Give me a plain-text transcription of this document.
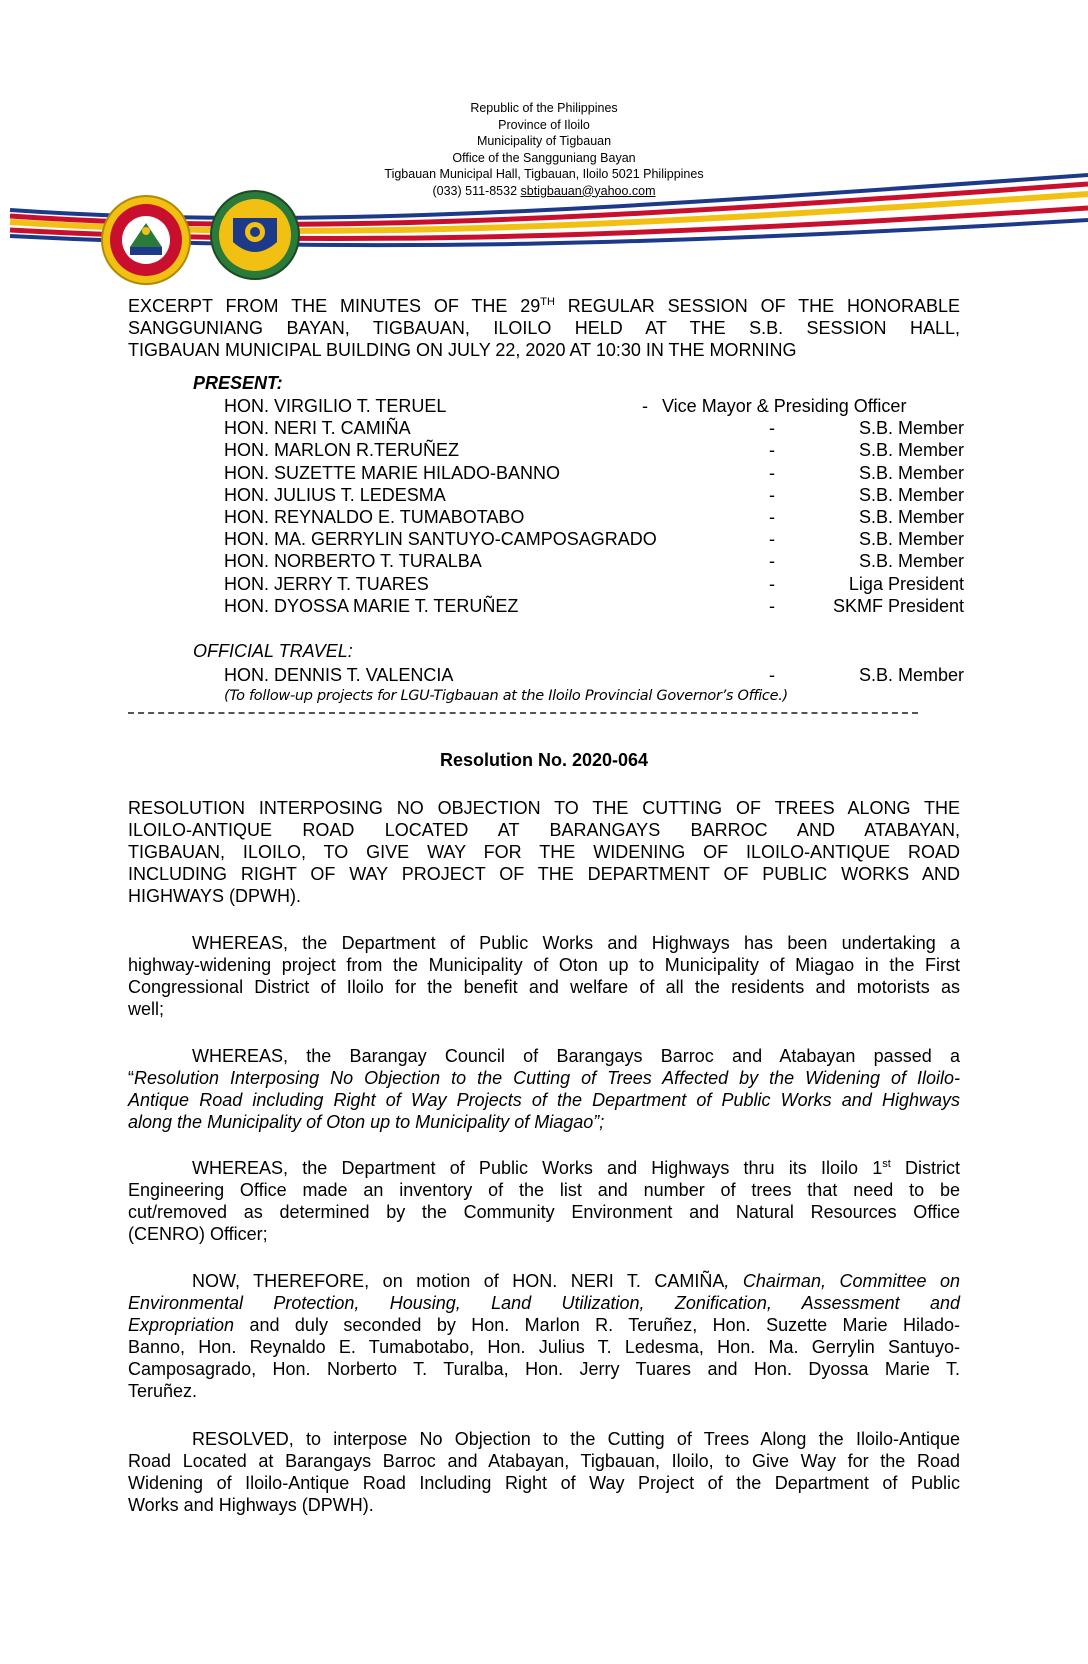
Republic of the Philippines
Province of Iloilo
Municipality of Tigbauan
Office of the Sangguniang Bayan
Tigbauan Municipal Hall, Tigbauan, Iloilo 5021 Philippines
(033) 511-8532 sbtigbauan@yahoo.com
EXCERPT FROM THE MINUTES OF THE 29TH REGULAR SESSION OF THE HONORABLE
SANGGUNIANG BAYAN, TIGBAUAN, ILOILO HELD AT THE S.B. SESSION HALL,
TIGBAUAN MUNICIPAL BUILDING ON JULY 22, 2020 AT 10:30 IN THE MORNING
PRESENT:
HON. VIRGILIO T. TERUEL	- Vice Mayor & Presiding Officer
HON. NERI T. CAMIÑA	-	S.B. Member
HON. MARLON R.TERUÑEZ	-	S.B. Member
HON. SUZETTE MARIE HILADO-BANNO	-	S.B. Member
HON. JULIUS T. LEDESMA	-	S.B. Member
HON. REYNALDO E. TUMABOTABO	-	S.B. Member
HON. MA. GERRYLIN SANTUYO-CAMPOSAGRADO	-	S.B. Member
HON. NORBERTO T. TURALBA	-	S.B. Member
HON. JERRY T. TUARES	-	Liga President
HON. DYOSSA MARIE T. TERUÑEZ	-	SKMF President
OFFICIAL TRAVEL:
HON. DENNIS T. VALENCIA	-	S.B. Member
(To follow-up projects for LGU-Tigbauan at the Iloilo Provincial Governor’s Office.)
Resolution No. 2020-064
RESOLUTION INTERPOSING NO OBJECTION TO THE CUTTING OF TREES ALONG THE
ILOILO-ANTIQUE ROAD LOCATED AT BARANGAYS BARROC AND ATABAYAN,
TIGBAUAN, ILOILO, TO GIVE WAY FOR THE WIDENING OF ILOILO-ANTIQUE ROAD
INCLUDING RIGHT OF WAY PROJECT OF THE DEPARTMENT OF PUBLIC WORKS AND
HIGHWAYS (DPWH).
WHEREAS, the Department of Public Works and Highways has been undertaking a
highway-widening project from the Municipality of Oton up to Municipality of Miagao in the First
Congressional District of Iloilo for the benefit and welfare of all the residents and motorists as
well;
WHEREAS, the Barangay Council of Barangays Barroc and Atabayan passed a
“Resolution Interposing No Objection to the Cutting of Trees Affected by the Widening of Iloilo-
Antique Road including Right of Way Projects of the Department of Public Works and Highways
along the Municipality of Oton up to Municipality of Miagao”;
WHEREAS, the Department of Public Works and Highways thru its Iloilo 1st District
Engineering Office made an inventory of the list and number of trees that need to be
cut/removed as determined by the Community Environment and Natural Resources Office
(CENRO) Officer;
NOW, THEREFORE, on motion of HON. NERI T. CAMIÑA, Chairman, Committee on
Environmental Protection, Housing, Land Utilization, Zonification, Assessment and
Expropriation and duly seconded by Hon. Marlon R. Teruñez, Hon. Suzette Marie Hilado-
Banno, Hon. Reynaldo E. Tumabotabo, Hon. Julius T. Ledesma, Hon. Ma. Gerrylin Santuyo-
Camposagrado, Hon. Norberto T. Turalba, Hon. Jerry Tuares and Hon. Dyossa Marie T.
Teruñez.
RESOLVED, to interpose No Objection to the Cutting of Trees Along the Iloilo-Antique
Road Located at Barangays Barroc and Atabayan, Tigbauan, Iloilo, to Give Way for the Road
Widening of Iloilo-Antique Road Including Right of Way Project of the Department of Public
Works and Highways (DPWH).
